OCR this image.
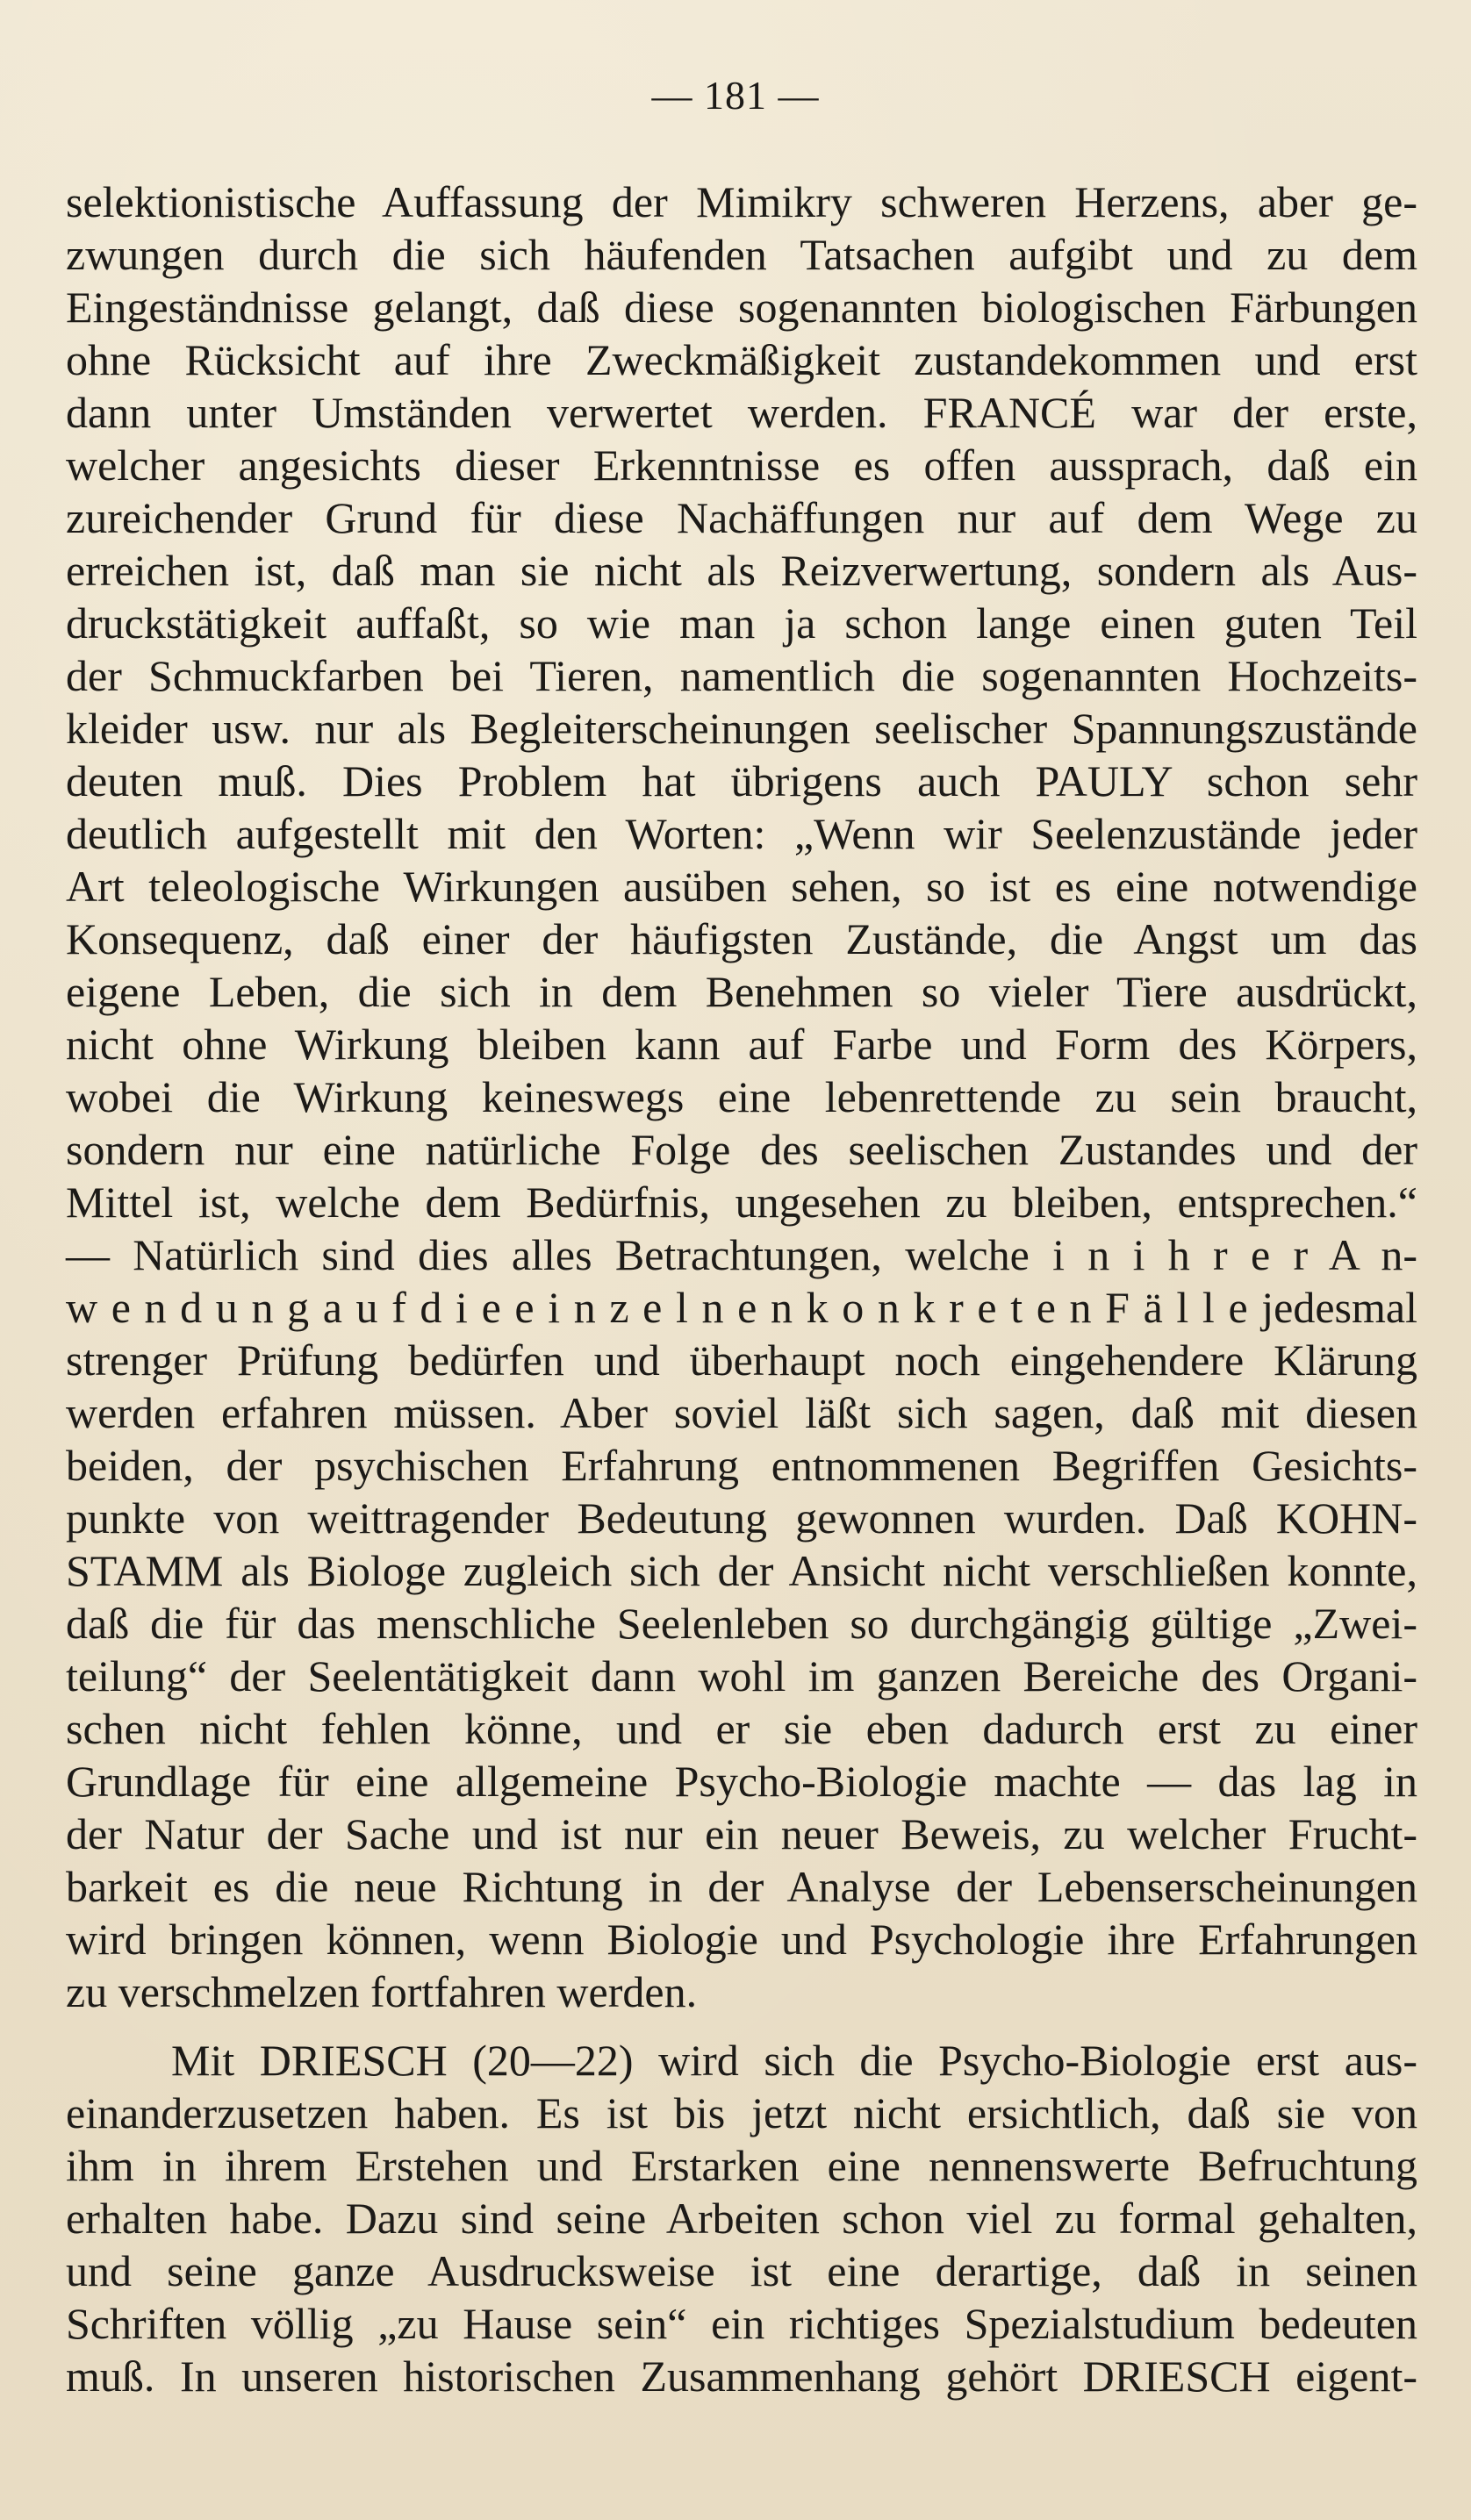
— 181 —
selektionistische Auffassung der Mimikry schweren Herzens, aber ge-
zwungen durch die sich häufenden Tatsachen aufgibt und zu dem
Eingeständnisse gelangt, daß diese sogenannten biologischen Färbungen
ohne Rücksicht auf ihre Zweckmäßigkeit zustandekommen und erst
dann unter Umständen verwertet werden. FRANCÉ war der erste,
welcher angesichts dieser Erkenntnisse es offen aussprach, daß ein
zureichender Grund für diese Nachäffungen nur auf dem Wege zu
erreichen ist, daß man sie nicht als Reizverwertung, sondern als Aus-
druckstätigkeit auffaßt, so wie man ja schon lange einen guten Teil
der Schmuckfarben bei Tieren, namentlich die sogenannten Hochzeits-
kleider usw. nur als Begleiterscheinungen seelischer Spannungszustände
deuten muß. Dies Problem hat übrigens auch PAULY schon sehr
deutlich aufgestellt mit den Worten: „Wenn wir Seelenzustände jeder
Art teleologische Wirkungen ausüben sehen, so ist es eine notwendige
Konsequenz, daß einer der häufigsten Zustände, die Angst um das
eigene Leben, die sich in dem Benehmen so vieler Tiere ausdrückt,
nicht ohne Wirkung bleiben kann auf Farbe und Form des Körpers,
wobei die Wirkung keineswegs eine lebenrettende zu sein braucht,
sondern nur eine natürliche Folge des seelischen Zustandes und der
Mittel ist, welche dem Bedürfnis, ungesehen zu bleiben, entsprechen.“
— Natürlich sind dies alles Betrachtungen, welche i n i h r e r A n-
w e n d u n g a u f d i e e i n z e l n e n k o n k r e t e n F ä l l e jedesmal
strenger Prüfung bedürfen und überhaupt noch eingehendere Klärung
werden erfahren müssen. Aber soviel läßt sich sagen, daß mit diesen
beiden, der psychischen Erfahrung entnommenen Begriffen Gesichts-
punkte von weittragender Bedeutung gewonnen wurden. Daß KOHN-
STAMM als Biologe zugleich sich der Ansicht nicht verschließen konnte,
daß die für das menschliche Seelenleben so durchgängig gültige „Zwei-
teilung“ der Seelentätigkeit dann wohl im ganzen Bereiche des Organi-
schen nicht fehlen könne, und er sie eben dadurch erst zu einer
Grundlage für eine allgemeine Psycho-Biologie machte — das lag in
der Natur der Sache und ist nur ein neuer Beweis, zu welcher Frucht-
barkeit es die neue Richtung in der Analyse der Lebenserscheinungen
wird bringen können, wenn Biologie und Psychologie ihre Erfahrungen
zu verschmelzen fortfahren werden.
Mit DRIESCH (20—22) wird sich die Psycho-Biologie erst aus-
einanderzusetzen haben. Es ist bis jetzt nicht ersichtlich, daß sie von
ihm in ihrem Erstehen und Erstarken eine nennenswerte Befruchtung
erhalten habe. Dazu sind seine Arbeiten schon viel zu formal gehalten,
und seine ganze Ausdrucksweise ist eine derartige, daß in seinen
Schriften völlig „zu Hause sein“ ein richtiges Spezialstudium bedeuten
muß. In unseren historischen Zusammenhang gehört DRIESCH eigent-
